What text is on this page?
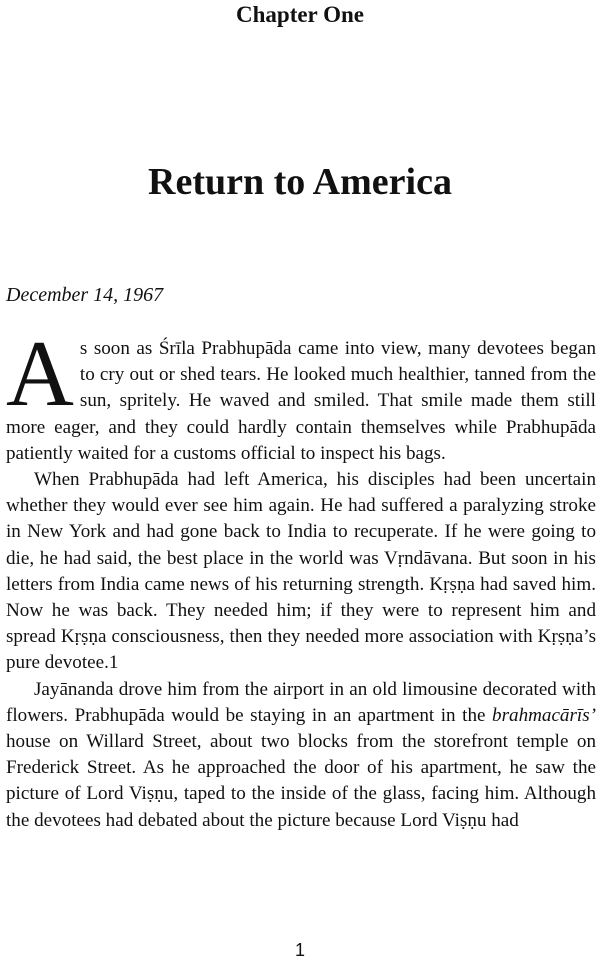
Chapter One
Return to America
December 14, 1967

As soon as Śrīla Prabhupāda came into view, many devotees began to cry out or shed tears. He looked much healthier, tanned from the sun, spritely. He waved and smiled. That smile made them still more eager, and they could hardly contain themselves while Prabhupāda patiently waited for a customs official to inspect his bags.

When Prabhupāda had left America, his disciples had been uncertain whether they would ever see him again. He had suffered a paralyzing stroke in New York and had gone back to India to recuperate. If he were going to die, he had said, the best place in the world was Vṛndāvana. But soon in his letters from India came news of his returning strength. Kṛṣṇa had saved him. Now he was back. They needed him; if they were to represent him and spread Kṛṣṇa consciousness, then they needed more association with Kṛṣṇa’s pure devotee.1

Jayānanda drove him from the airport in an old limousine decorated with flowers. Prabhupāda would be staying in an apartment in the brahmacārīs’ house on Willard Street, about two blocks from the storefront temple on Frederick Street. As he approached the door of his apartment, he saw the picture of Lord Viṣṇu, taped to the inside of the glass, facing him. Although the devotees had debated about the picture because Lord Viṣṇu had

1
